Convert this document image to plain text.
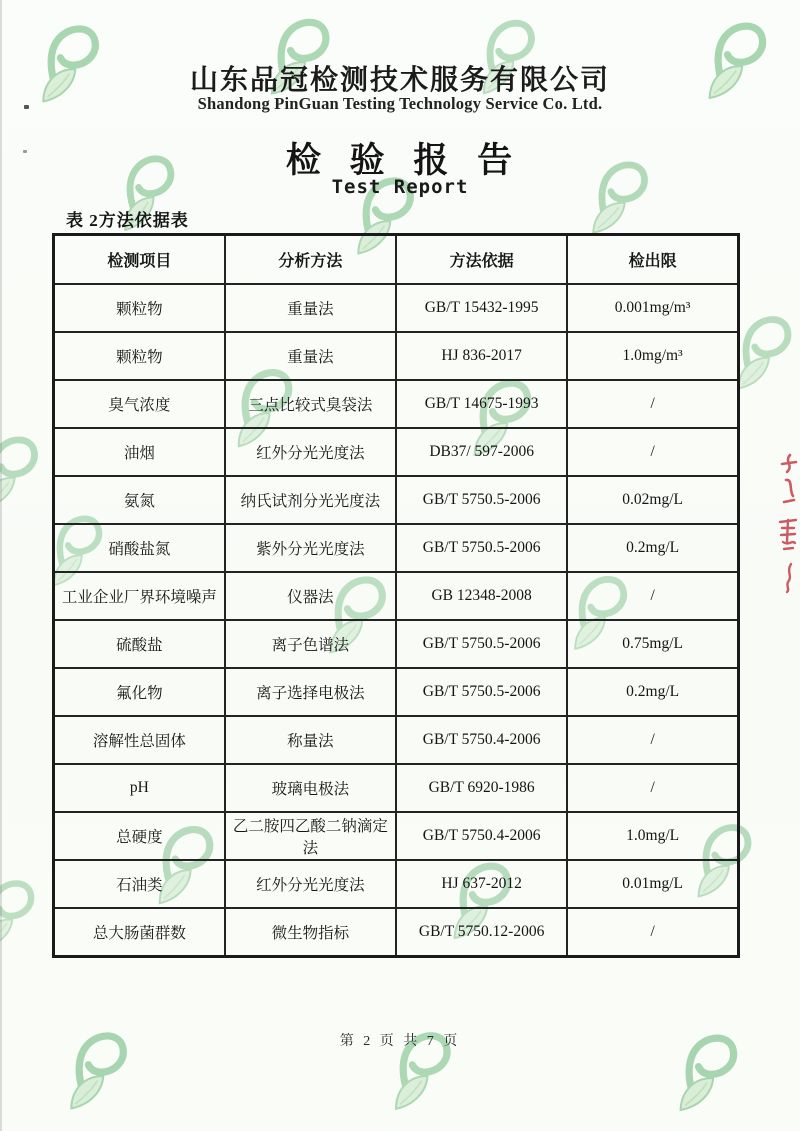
山东品冠检测技术服务有限公司
Shandong PinGuan Testing Technology Service Co. Ltd.
检 验 报 告
Test Report
表 2方法依据表
检测项目	分析方法	方法依据	检出限
颗粒物	重量法	GB/T 15432-1995	0.001mg/m³
颗粒物	重量法	HJ 836-2017	1.0mg/m³
臭气浓度	三点比较式臭袋法	GB/T 14675-1993	/
油烟	红外分光光度法	DB37/ 597-2006	/
氨氮	纳氏试剂分光光度法	GB/T 5750.5-2006	0.02mg/L
硝酸盐氮	紫外分光光度法	GB/T 5750.5-2006	0.2mg/L
工业企业厂界环境噪声	仪器法	GB 12348-2008	/
硫酸盐	离子色谱法	GB/T 5750.5-2006	0.75mg/L
氟化物	离子选择电极法	GB/T 5750.5-2006	0.2mg/L
溶解性总固体	称量法	GB/T 5750.4-2006	/
pH	玻璃电极法	GB/T 6920-1986	/
总硬度	乙二胺四乙酸二钠滴定法	GB/T 5750.4-2006	1.0mg/L
石油类	红外分光光度法	HJ 637-2012	0.01mg/L
总大肠菌群数	微生物指标	GB/T 5750.12-2006	/
第 2 页 共 7 页
